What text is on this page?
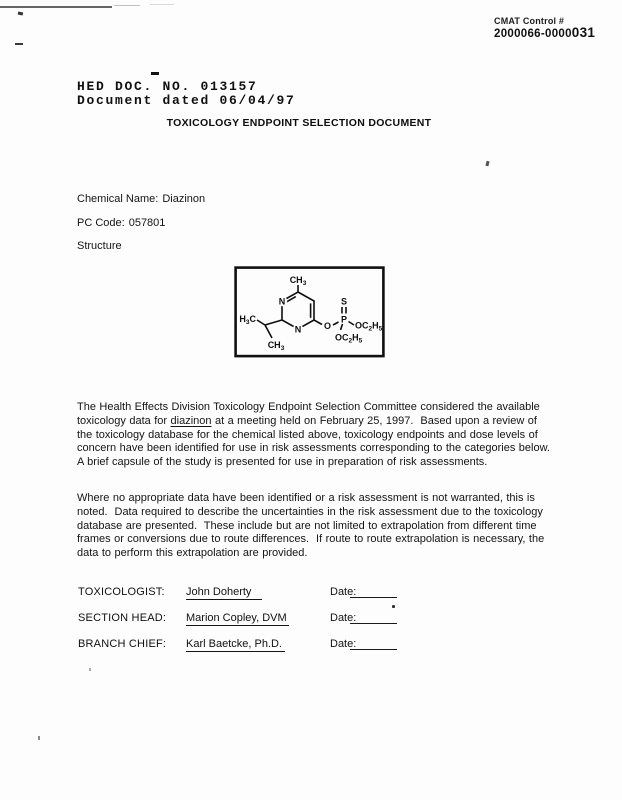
CMAT Control #
2000066-0000031
HED DOC. NO. 013157
Document dated 06/04/97
TOXICOLOGY ENDPOINT SELECTION DOCUMENT
Chemical Name: Diazinon
PC Code: 057801
Structure
$CH_3$
N
N
$H_3C$
$CH_3$
O
P
S
$OC_2H_5$
$OC_2H_5$
The Health Effects Division Toxicology Endpoint Selection Committee considered the available toxicology data for diazinon at a meeting held on February 25, 1997.  Based upon a review of the toxicology database for the chemical listed above, toxicology endpoints and dose levels of concern have been identified for use in risk assessments corresponding to the categories below.  A brief capsule of the study is presented for use in preparation of risk assessments.
Where no appropriate data have been identified or a risk assessment is not warranted, this is noted.  Data required to describe the uncertainties in the risk assessment due to the toxicology database are presented.  These include but are not limited to extrapolation from different time frames or conversions due to route differences.  If route to route extrapolation is necessary, the data to perform this extrapolation are provided.
TOXICOLOGIST: John Doherty	Date:
SECTION HEAD: Marion Copley, DVM	Date:
BRANCH CHIEF: Karl Baetcke, Ph.D.	Date:
